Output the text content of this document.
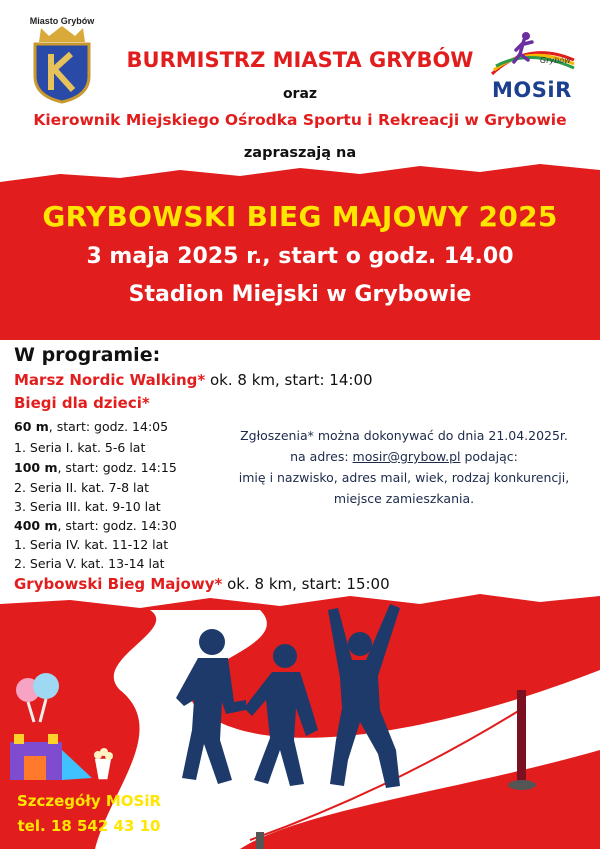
Miasto Grybów
BURMISTRZ MIASTA GRYBÓW
oraz
Kierownik Miejskiego Ośrodka Sportu i Rekreacji w Grybowie
zapraszają na
Grybów
MOSiR
GRYBOWSKI BIEG MAJOWY 2025
3 maja 2025 r., start o godz. 14.00
Stadion Miejski w Grybowie
W programie:
Marsz Nordic Walking* ok. 8 km, start: 14:00
Biegi dla dzieci*
60 m, start: godz. 14:05
1. Seria I. kat. 5-6 lat
100 m, start: godz. 14:15
2. Seria II. kat. 7-8 lat
3. Seria III. kat. 9-10 lat
400 m, start: godz. 14:30
1. Seria IV. kat. 11-12 lat
2. Seria V. kat. 13-14 lat
Grybowski Bieg Majowy* ok. 8 km, start: 15:00
Zgłoszenia* można dokonywać do dnia 21.04.2025r.
na adres: mosir@grybow.pl podając:
imię i nazwisko, adres mail, wiek, rodzaj konkurencji,
miejsce zamieszkania.
Szczegóły MOSiR
tel. 18 542 43 10
